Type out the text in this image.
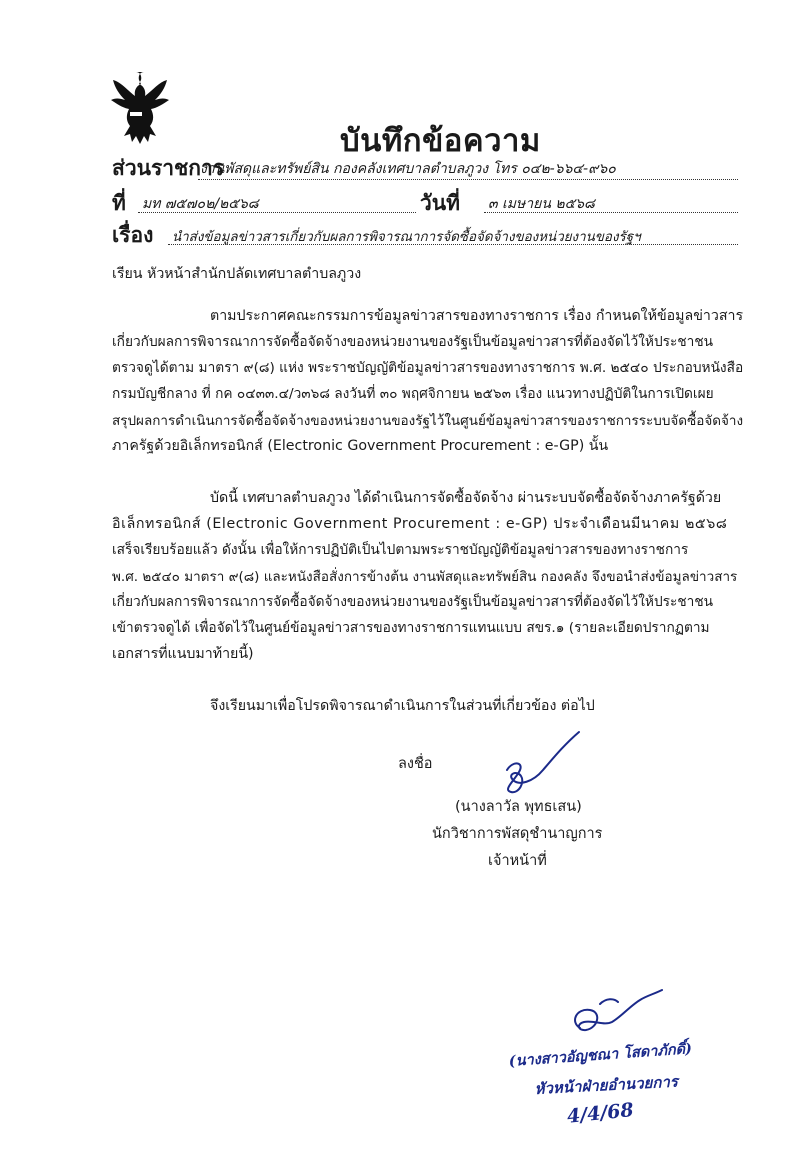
บันทึกข้อความ
ส่วนราชการ
งานพัสดุและทรัพย์สิน กองคลังเทศบาลตำบลภูวง โทร ๐๔๒-๖๖๔-๙๖๐
ที่ มท ๗๕๗๐๒/๒๕๖๘	วันที่ ๓ เมษายน ๒๕๖๘
เรื่อง นำส่งข้อมูลข่าวสารเกี่ยวกับผลการพิจารณาการจัดซื้อจัดจ้างของหน่วยงานของรัฐฯ
เรียน หัวหน้าสำนักปลัดเทศบาลตำบลภูวง
ตามประกาศคณะกรรมการข้อมูลข่าวสารของทางราชการ เรื่อง กำหนดให้ข้อมูลข่าวสาร
เกี่ยวกับผลการพิจารณาการจัดซื้อจัดจ้างของหน่วยงานของรัฐเป็นข้อมูลข่าวสารที่ต้องจัดไว้ให้ประชาชน
ตรวจดูได้ตาม มาตรา ๙(๘) แห่ง พระราชบัญญัติข้อมูลข่าวสารของทางราชการ พ.ศ. ๒๕๔๐ ประกอบหนังสือ
กรมบัญชีกลาง ที่ กค ๐๔๓๓.๔/ว๓๖๘ ลงวันที่ ๓๐ พฤศจิกายน ๒๕๖๓ เรื่อง แนวทางปฏิบัติในการเปิดเผย
สรุปผลการดำเนินการจัดซื้อจัดจ้างของหน่วยงานของรัฐไว้ในศูนย์ข้อมูลข่าวสารของราชการระบบจัดซื้อจัดจ้าง
ภาครัฐด้วยอิเล็กทรอนิกส์ (Electronic Government Procurement : e-GP) นั้น
บัดนี้ เทศบาลตำบลภูวง ได้ดำเนินการจัดซื้อจัดจ้าง ผ่านระบบจัดซื้อจัดจ้างภาครัฐด้วย
อิเล็กทรอนิกส์ (Electronic Government Procurement : e-GP) ประจำเดือนมีนาคม ๒๕๖๘
เสร็จเรียบร้อยแล้ว ดังนั้น เพื่อให้การปฏิบัติเป็นไปตามพระราชบัญญัติข้อมูลข่าวสารของทางราชการ
พ.ศ. ๒๕๔๐ มาตรา ๙(๘) และหนังสือสั่งการข้างต้น งานพัสดุและทรัพย์สิน กองคลัง จึงขอนำส่งข้อมูลข่าวสาร
เกี่ยวกับผลการพิจารณาการจัดซื้อจัดจ้างของหน่วยงานของรัฐเป็นข้อมูลข่าวสารที่ต้องจัดไว้ให้ประชาชน
เข้าตรวจดูได้ เพื่อจัดไว้ในศูนย์ข้อมูลข่าวสารของทางราชการแทนแบบ สขร.๑ (รายละเอียดปรากฏตาม
เอกสารที่แนบมาท้ายนี้)
จึงเรียนมาเพื่อโปรดพิจารณาดำเนินการในส่วนที่เกี่ยวข้อง ต่อไป
ลงชื่อ
(นางลาวัล พุทธเสน)
นักวิชาการพัสดุชำนาญการ
เจ้าหน้าที่
(นางสาวอัญชณา โสดาภักดิ์)
หัวหน้าฝ่ายอำนวยการ
4/4/68
